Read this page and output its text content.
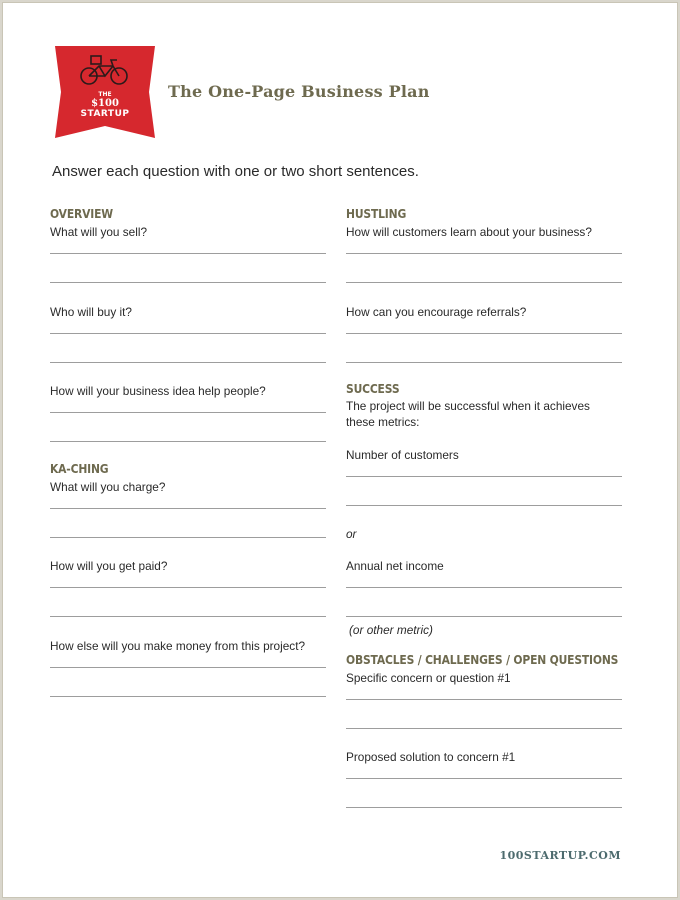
THE
$100
STARTUP
The One-Page Business Plan
Answer each question with one or two short sentences.
OVERVIEW
What will you sell?
Who will buy it?
How will your business idea help people?
KA-CHING
What will you charge?
How will you get paid?
How else will you make money from this project?
HUSTLING
How will customers learn about your business?
How can you encourage referrals?
SUCCESS
The project will be successful when it achieves these metrics:
Number of customers
or
Annual net income
(or other metric)
OBSTACLES / CHALLENGES / OPEN QUESTIONS
Specific concern or question #1
Proposed solution to concern #1
100STARTUP.COM
